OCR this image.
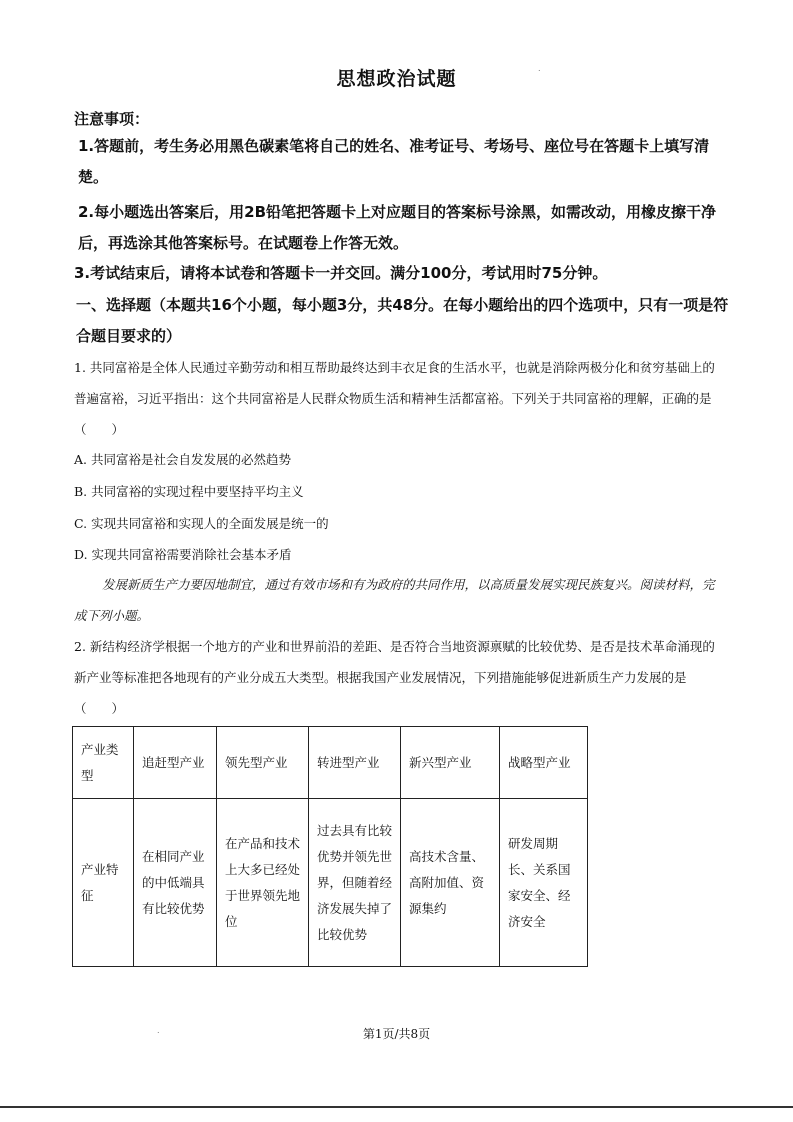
思想政治试题	.
注意事项：
1.答题前，考生务必用黑色碳素笔将自己的姓名、准考证号、考场号、座位号在答题卡上填写清楚。
2.每小题选出答案后，用2B铅笔把答题卡上对应题目的答案标号涂黑，如需改动，用橡皮擦干净后，再选涂其他答案标号。在试题卷上作答无效。
3.考试结束后，请将本试卷和答题卡一并交回。满分100分，考试用时75分钟。
一、选择题（本题共16个小题，每小题3分，共48分。在每小题给出的四个选项中，只有一项是符合题目要求的）
1. 共同富裕是全体人民通过辛勤劳动和相互帮助最终达到丰衣足食的生活水平，也就是消除两极分化和贫穷基础上的普遍富裕，习近平指出：这个共同富裕是人民群众物质生活和精神生活都富裕。下列关于共同富裕的理解，正确的是（　　）
A. 共同富裕是社会自发发展的必然趋势
B. 共同富裕的实现过程中要坚持平均主义
C. 实现共同富裕和实现人的全面发展是统一的
D. 实现共同富裕需要消除社会基本矛盾
发展新质生产力要因地制宜，通过有效市场和有为政府的共同作用，以高质量发展实现民族复兴。阅读材料，完成下列小题。
2. 新结构经济学根据一个地方的产业和世界前沿的差距、是否符合当地资源禀赋的比较优势、是否是技术革命涌现的新产业等标准把各地现有的产业分成五大类型。根据我国产业发展情况，下列措施能够促进新质生产力发展的是（　　）
产业类型	追赶型产业	领先型产业	转进型产业	新兴型产业	战略型产业
产业特征	在相同产业的中低端具有比较优势	在产品和技术上大多已经处于世界领先地位	过去具有比较优势并领先世界，但随着经济发展失掉了比较优势	高技术含量、高附加值、资源集约	研发周期长、关系国家安全、经济安全
.	第1页/共8页
